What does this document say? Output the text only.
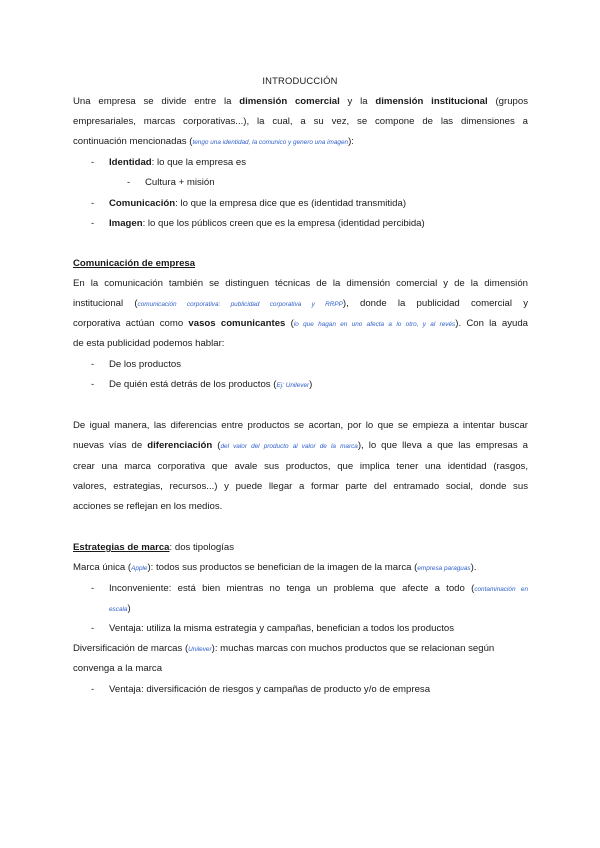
INTRODUCCIÓN
Una empresa se divide entre la dimensión comercial y la dimensión institucional (grupos
empresariales, marcas corporativas...), la cual, a su vez, se compone de las dimensiones a
continuación mencionadas (tengo una identidad, la comunico y genero una imagen):
- Identidad: lo que la empresa es
- Cultura + misión
- Comunicación: lo que la empresa dice que es (identidad transmitida)
- Imagen: lo que los públicos creen que es la empresa (identidad percibida)
Comunicación de empresa
En la comunicación también se distinguen técnicas de la dimensión comercial y de la dimensión
institucional (comunicación corporativa: publicidad corporativa y RRPP), donde la publicidad comercial y
corporativa actúan como vasos comunicantes (lo que hagan en uno afecta a lo otro, y al revés). Con la ayuda
de esta publicidad podemos hablar:
- De los productos
- De quién está detrás de los productos (Ej: Unilever)
De igual manera, las diferencias entre productos se acortan, por lo que se empieza a intentar buscar
nuevas vías de diferenciación (del valor del producto al valor de la marca), lo que lleva a que las empresas a
crear una marca corporativa que avale sus productos, que implica tener una identidad (rasgos,
valores, estrategias, recursos...) y puede llegar a formar parte del entramado social, donde sus
acciones se reflejan en los medios.
Estrategias de marca: dos tipologías
Marca única (Apple): todos sus productos se benefician de la imagen de la marca (empresa paraguas).
- Inconveniente: está bien mientras no tenga un problema que afecte a todo (contaminación en
escala)
- Ventaja: utiliza la misma estrategia y campañas, benefician a todos los productos
Diversificación de marcas (Unilever): muchas marcas con muchos productos que se relacionan según
convenga a la marca
- Ventaja: diversificación de riesgos y campañas de producto y/o de empresa
